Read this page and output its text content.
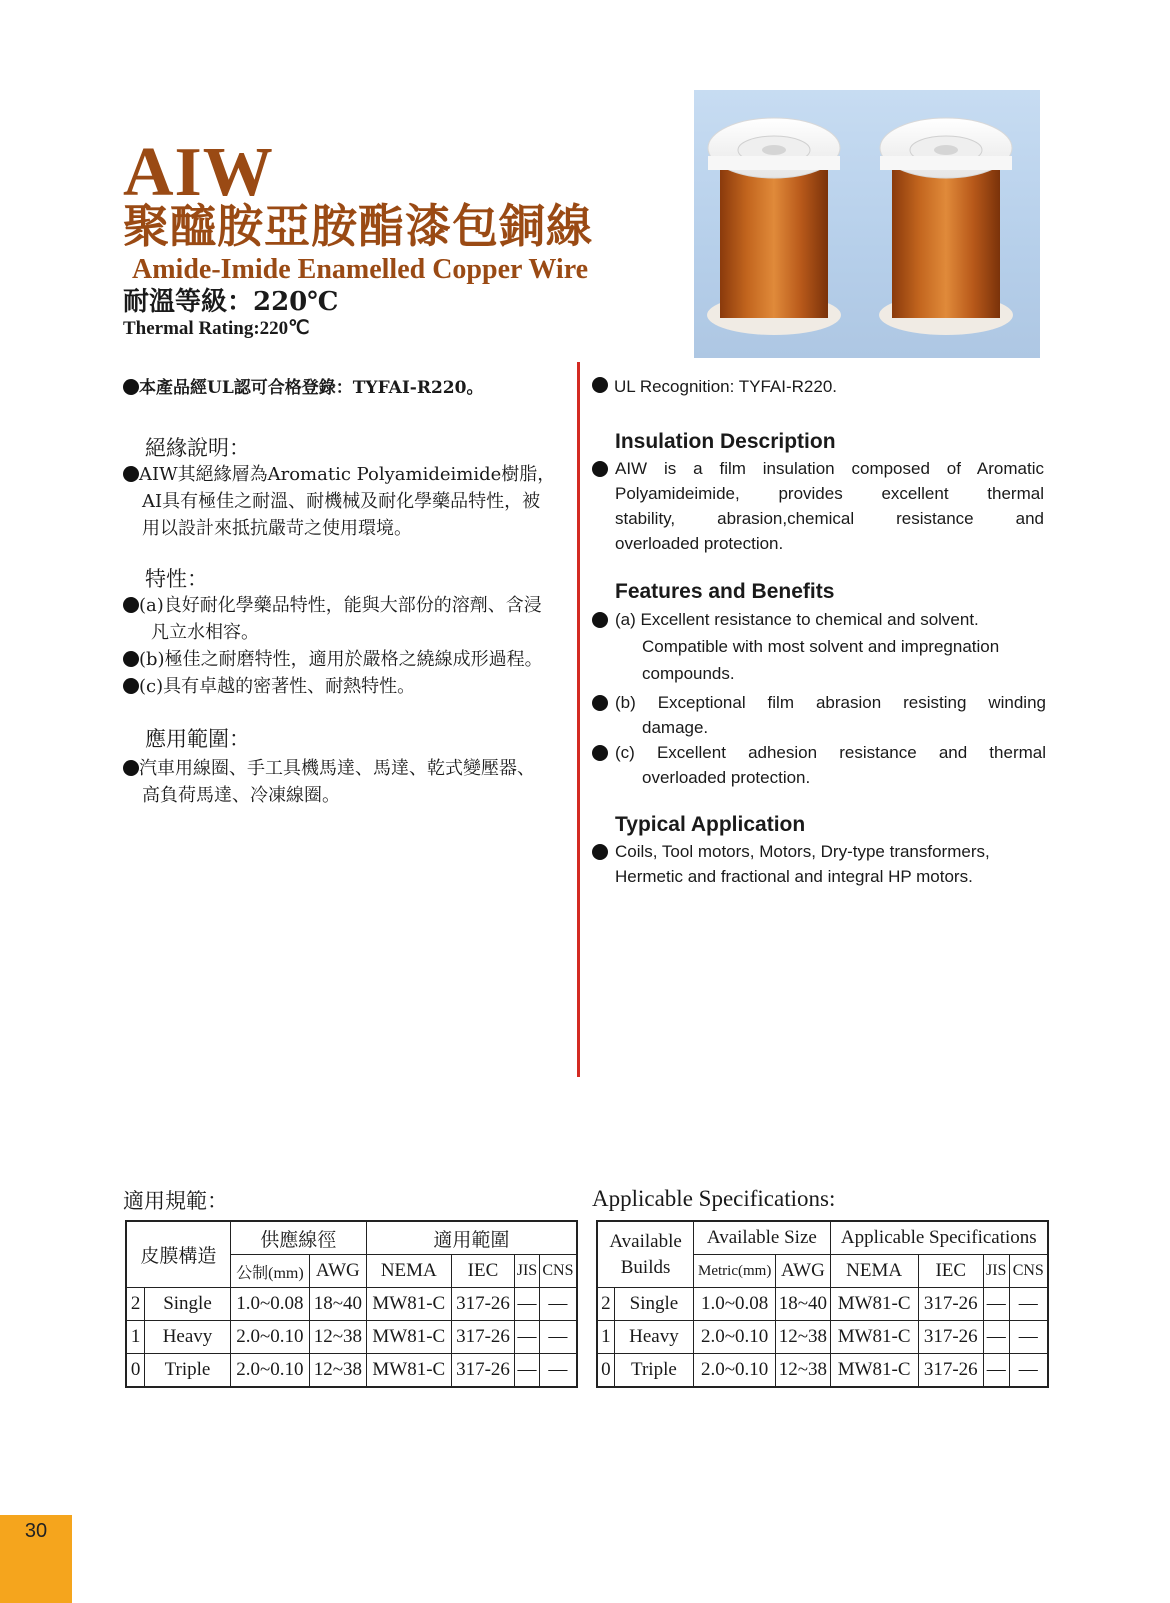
AIW
聚醯胺亞胺酯漆包銅線
Amide-Imide Enamelled Copper Wire
耐溫等級：220℃
Thermal Rating:220℃
本產品經UL認可合格登錄：TYFAI-R220。
絕緣說明：
AIW其絕緣層為Aromatic Polyamideimide樹脂，
AI具有極佳之耐溫、耐機械及耐化學藥品特性，被
用以設計來抵抗嚴苛之使用環境。
特性：
(a)良好耐化學藥品特性，能與大部份的溶劑、含浸
凡立水相容。
(b)極佳之耐磨特性，適用於嚴格之繞線成形過程。
(c)具有卓越的密著性、耐熱特性。
應用範圍：
汽車用線圈、手工具機馬達、馬達、乾式變壓器、
高負荷馬達、冷凍線圈。
UL Recognition: TYFAI-R220.
Insulation Description
AIW is a film insulation composed of Aromatic
Polyamideimide, provides excellent thermal
stability, abrasion,chemical resistance and
overloaded protection.
Features and Benefits
(a) Excellent resistance to chemical and solvent.
Compatible with most solvent and impregnation
compounds.
(b) Exceptional film abrasion resisting winding
damage.
(c) Excellent adhesion resistance and thermal
overloaded protection.
Typical Application
Coils, Tool motors, Motors, Dry-type transformers,
Hermetic and fractional and integral HP motors.
適用規範：
皮膜構造		供應線徑		適用範圍			
		公制(mm)	AWG	NEMA	IEC	JIS	CNS
2	Single	1.0~0.08	18~40	MW81-C	317-26	—	—
1	Heavy	2.0~0.10	12~38	MW81-C	317-26	—	—
0	Triple	2.0~0.10	12~38	MW81-C	317-26	—	—
Applicable Specifications:
Available
Builds		Available Size		Applicable Specifications			
		Metric(mm)	AWG	NEMA	IEC	JIS	CNS
2	Single	1.0~0.08	18~40	MW81-C	317-26	—	—
1	Heavy	2.0~0.10	12~38	MW81-C	317-26	—	—
0	Triple	2.0~0.10	12~38	MW81-C	317-26	—	—
30
